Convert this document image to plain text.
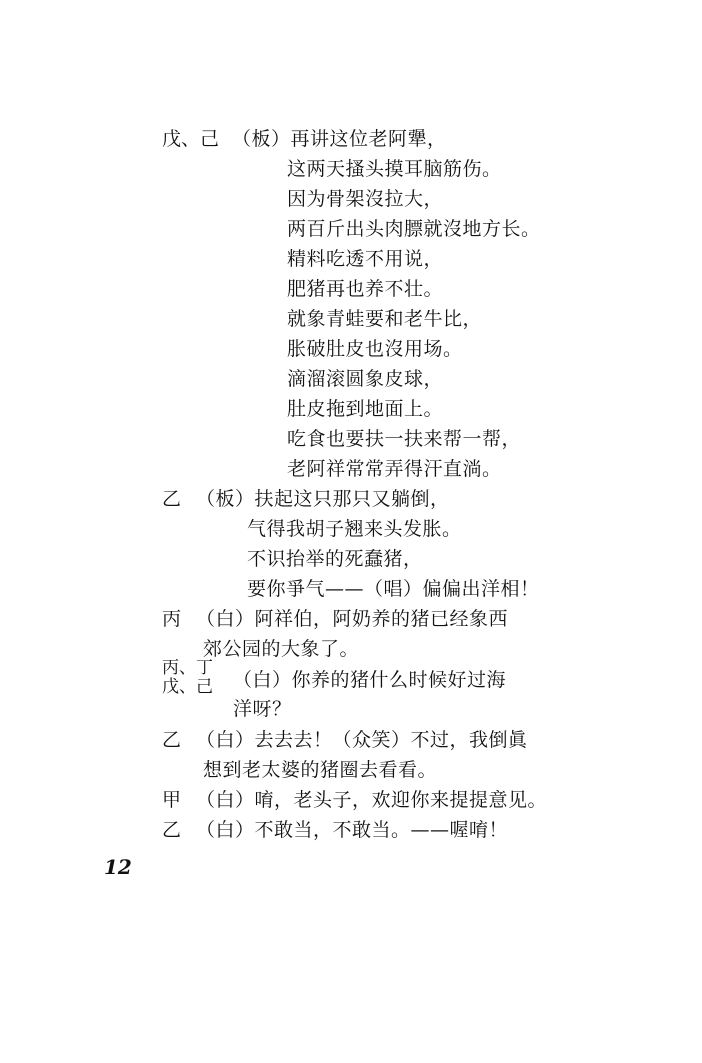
戊、己 （板）再讲这位老阿犟，
这两天搔头摸耳脑筋伤。
因为骨架沒拉大，
两百斤出头肉膘就沒地方长。
精料吃透不用说，
肥猪再也养不壮。
就象青蛙要和老牛比，
胀破肚皮也沒用场。
滴溜滚圆象皮球，
肚皮拖到地面上。
吃食也要扶一扶来帮一帮，
老阿祥常常弄得汗直淌。
乙 （板）扶起这只那只又躺倒，
气得我胡子翘来头发胀。
不识抬举的死蠢猪，
要你爭气——（唱）偏偏出洋相！
丙 （白）阿祥伯，阿奶养的猪已经象西
郊公园的大象了。
丙、丁
戊、己 （白）你养的猪什么时候好过海
洋呀？
乙 （白）去去去！（众笑）不过，我倒眞
想到老太婆的猪圈去看看。
甲 （白）唷，老头子，欢迎你来提提意见。
乙 （白）不敢当，不敢当。——喔唷！
12
